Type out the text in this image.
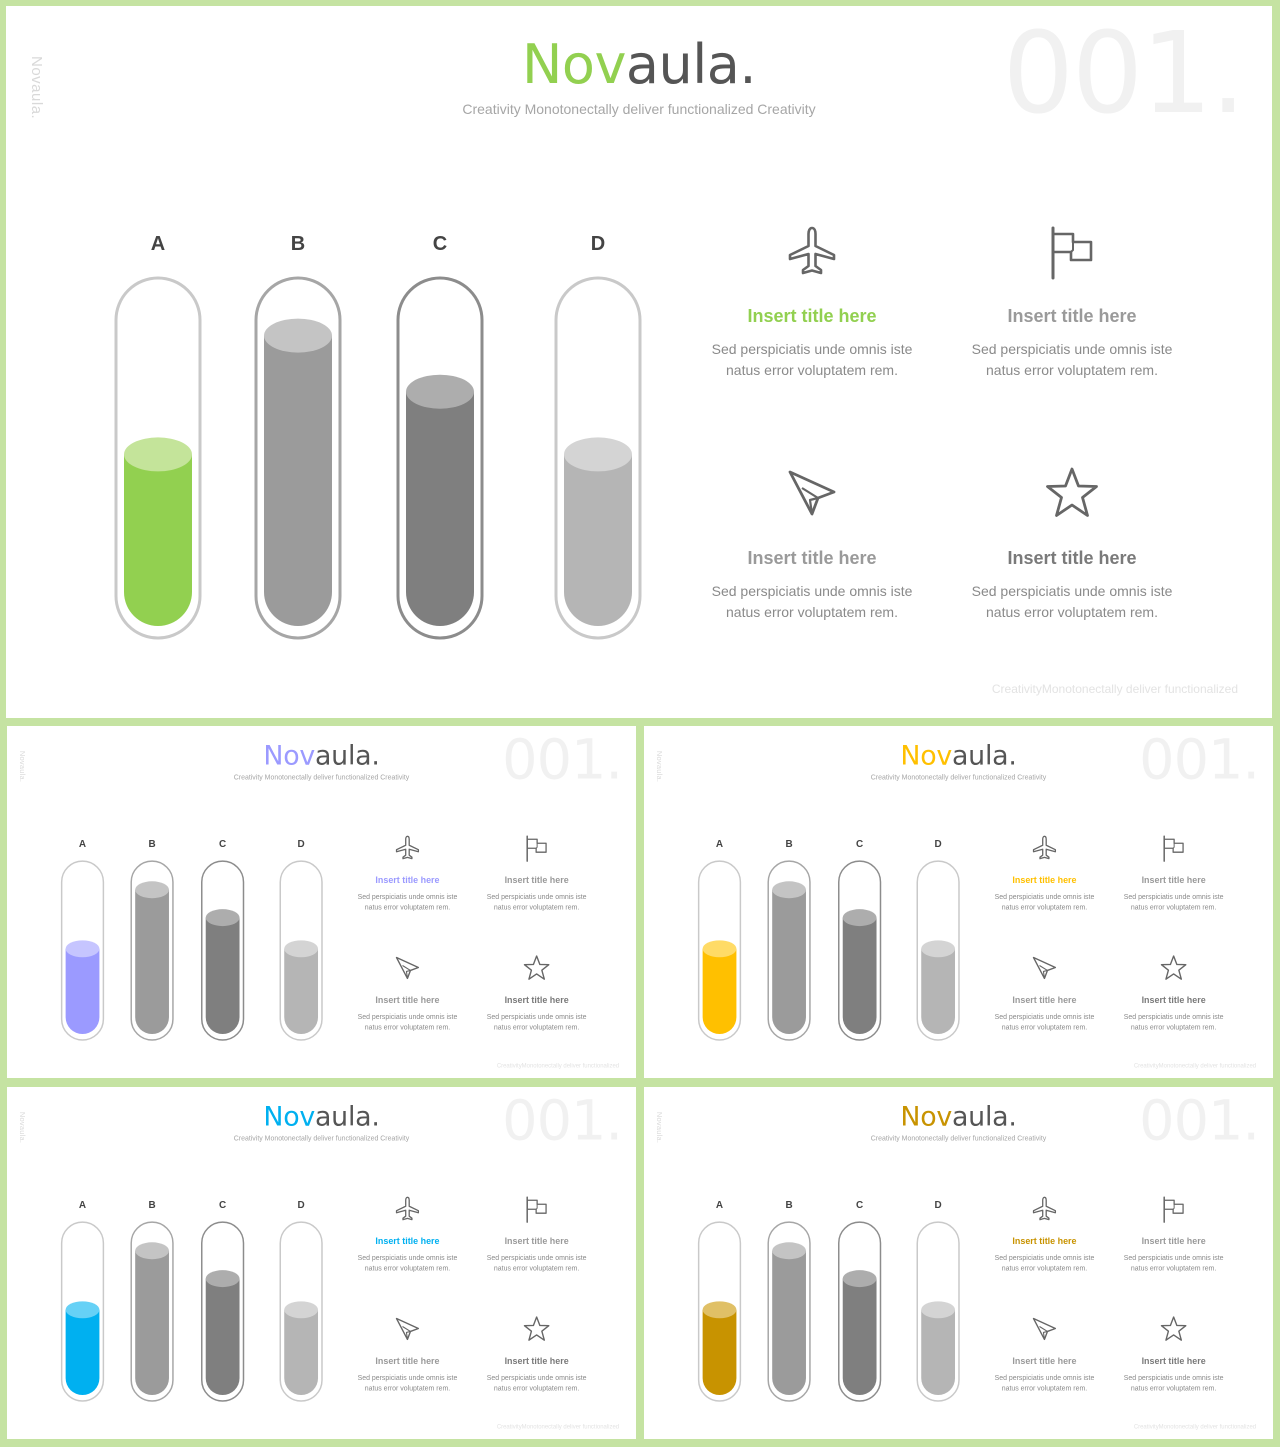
Novaula.	001.
Novaula.
Creativity Monotonectally deliver functionalized Creativity
A	B	C	D
Insert title here
Sed perspiciatis unde omnis iste natus error voluptatem rem.
Insert title here
Sed perspiciatis unde omnis iste natus error voluptatem rem.
Insert title here
Sed perspiciatis unde omnis iste natus error voluptatem rem.
Insert title here
Sed perspiciatis unde omnis iste natus error voluptatem rem.
CreativityMonotonectally deliver functionalized
Novaula.	001.
Novaula.
Creativity Monotonectally deliver functionalized Creativity
A	B	C	D
Insert title here
Sed perspiciatis unde omnis iste natus error voluptatem rem.
Insert title here
Sed perspiciatis unde omnis iste natus error voluptatem rem.
Insert title here
Sed perspiciatis unde omnis iste natus error voluptatem rem.
Insert title here
Sed perspiciatis unde omnis iste natus error voluptatem rem.
CreativityMonotonectally deliver functionalized
Novaula.	001.
Novaula.
Creativity Monotonectally deliver functionalized Creativity
A	B	C	D
Insert title here
Sed perspiciatis unde omnis iste natus error voluptatem rem.
Insert title here
Sed perspiciatis unde omnis iste natus error voluptatem rem.
Insert title here
Sed perspiciatis unde omnis iste natus error voluptatem rem.
Insert title here
Sed perspiciatis unde omnis iste natus error voluptatem rem.
CreativityMonotonectally deliver functionalized
Novaula.	001.
Novaula.
Creativity Monotonectally deliver functionalized Creativity
A	B	C	D
Insert title here
Sed perspiciatis unde omnis iste natus error voluptatem rem.
Insert title here
Sed perspiciatis unde omnis iste natus error voluptatem rem.
Insert title here
Sed perspiciatis unde omnis iste natus error voluptatem rem.
Insert title here
Sed perspiciatis unde omnis iste natus error voluptatem rem.
CreativityMonotonectally deliver functionalized
Novaula.	001.
Novaula.
Creativity Monotonectally deliver functionalized Creativity
A	B	C	D
Insert title here
Sed perspiciatis unde omnis iste natus error voluptatem rem.
Insert title here
Sed perspiciatis unde omnis iste natus error voluptatem rem.
Insert title here
Sed perspiciatis unde omnis iste natus error voluptatem rem.
Insert title here
Sed perspiciatis unde omnis iste natus error voluptatem rem.
CreativityMonotonectally deliver functionalized
